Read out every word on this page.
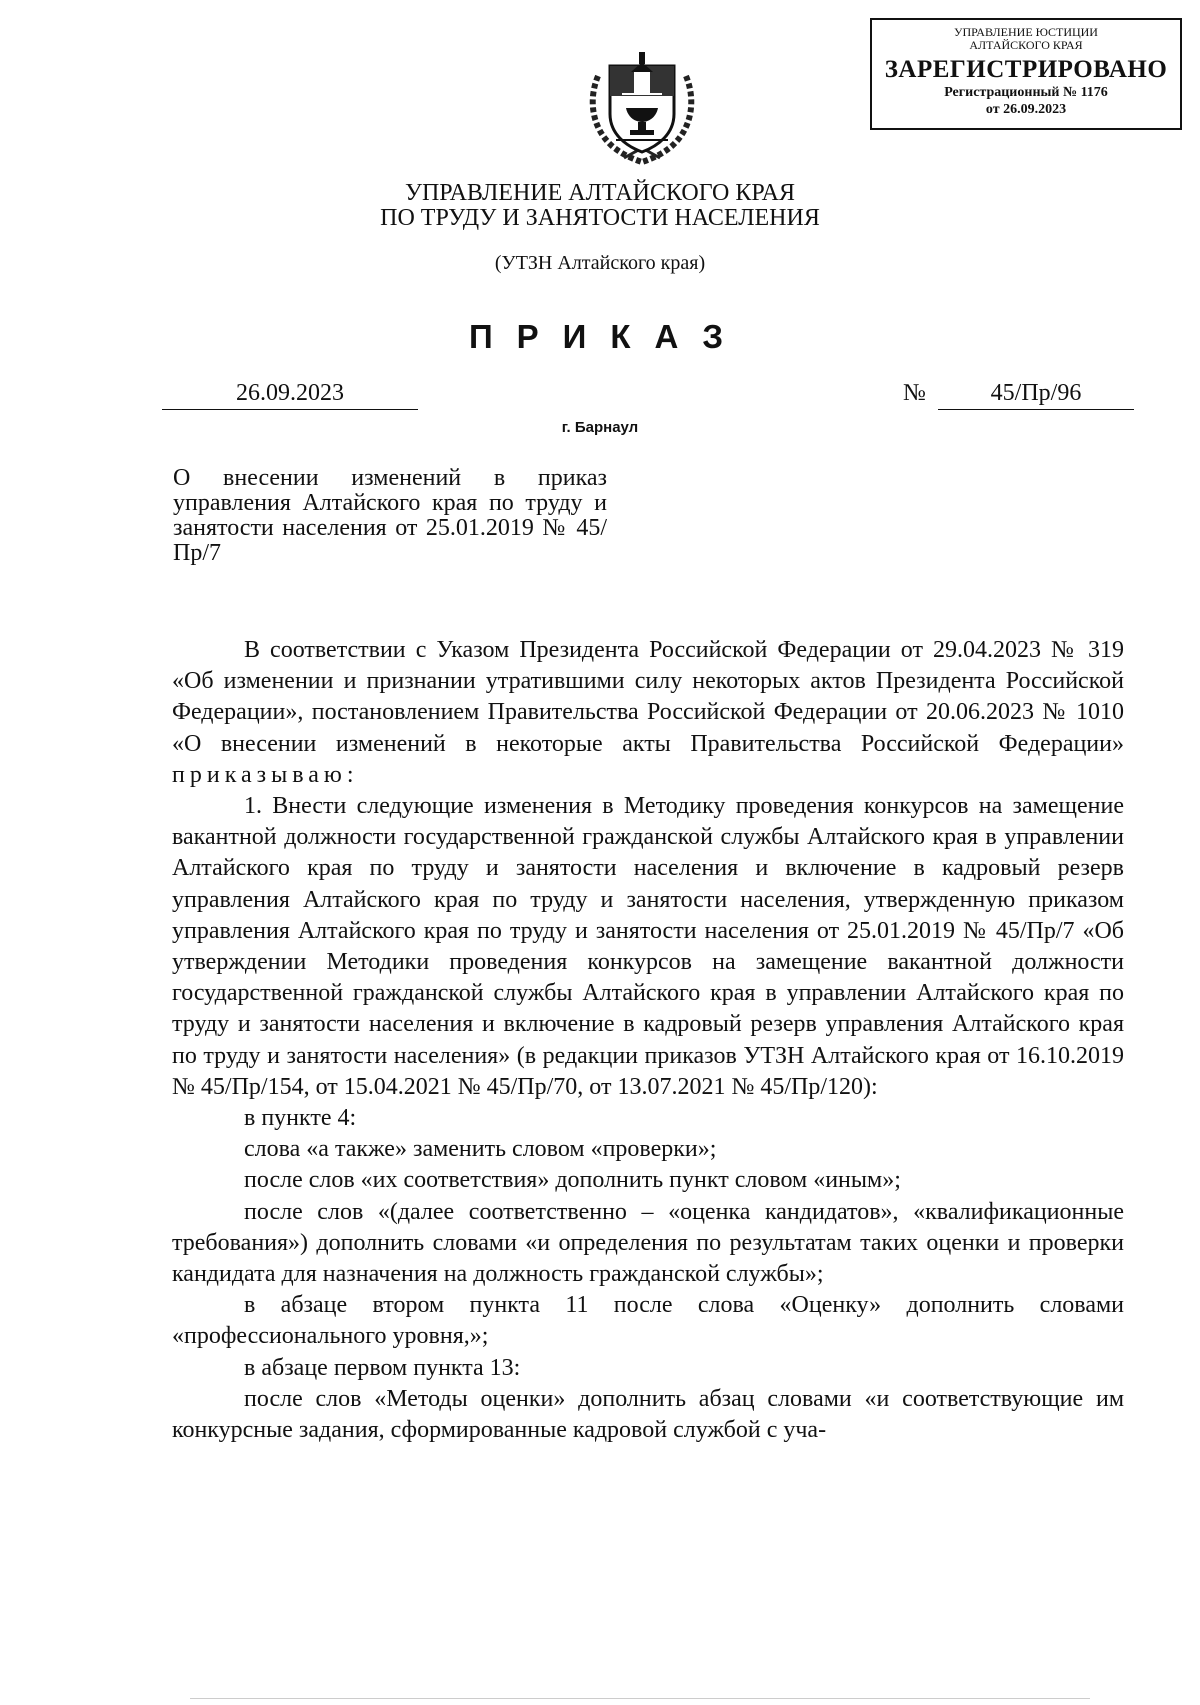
УПРАВЛЕНИЕ ЮСТИЦИИ
АЛТАЙСКОГО КРАЯ
ЗАРЕГИСТРИРОВАНО
Регистрационный № 1176
от 26.09.2023
УПРАВЛЕНИЕ АЛТАЙСКОГО КРАЯ
ПО ТРУДУ И ЗАНЯТОСТИ НАСЕЛЕНИЯ
(УТЗН Алтайского края)
ПРИКАЗ
26.09.2023	№	45/Пр/96
г. Барнаул
О внесении изменений в приказ управления Алтайского края по труду и занятости населения от 25.01.2019 № 45/Пр/7

В соответствии с Указом Президента Российской Федерации от 29.04.2023 № 319 «Об изменении и признании утратившими силу некоторых актов Президента Российской Федерации», постановлением Правительства Российской Федерации от 20.06.2023 № 1010 «О внесении изменений в некоторые акты Правительства Российской Федерации» приказываю:

1. Внести следующие изменения в Методику проведения конкурсов на замещение вакантной должности государственной гражданской службы Алтайского края в управлении Алтайского края по труду и занятости населения и включение в кадровый резерв управления Алтайского края по труду и занятости населения, утвержденную приказом управления Алтайского края по труду и занятости населения от 25.01.2019 № 45/Пр/7 «Об утверждении Методики проведения конкурсов на замещение вакантной должности государственной гражданской службы Алтайского края в управлении Алтайского края по труду и занятости населения и включение в кадровый резерв управления Алтайского края по труду и занятости населения» (в редакции приказов УТЗН Алтайского края от 16.10.2019 № 45/Пр/154, от 15.04.2021 № 45/Пр/70, от 13.07.2021 № 45/Пр/120):

в пункте 4:

слова «а также» заменить словом «проверки»;

после слов «их соответствия» дополнить пункт словом «иным»;

после слов «(далее соответственно – «оценка кандидатов», «квалификационные требования») дополнить словами «и определения по результатам таких оценки и проверки кандидата для назначения на должность гражданской службы»;

в абзаце втором пункта 11 после слова «Оценку» дополнить словами «профессионального уровня,»;

в абзаце первом пункта 13:

после слов «Методы оценки» дополнить абзац словами «и соответствующие им конкурсные задания, сформированные кадровой службой с уча-
